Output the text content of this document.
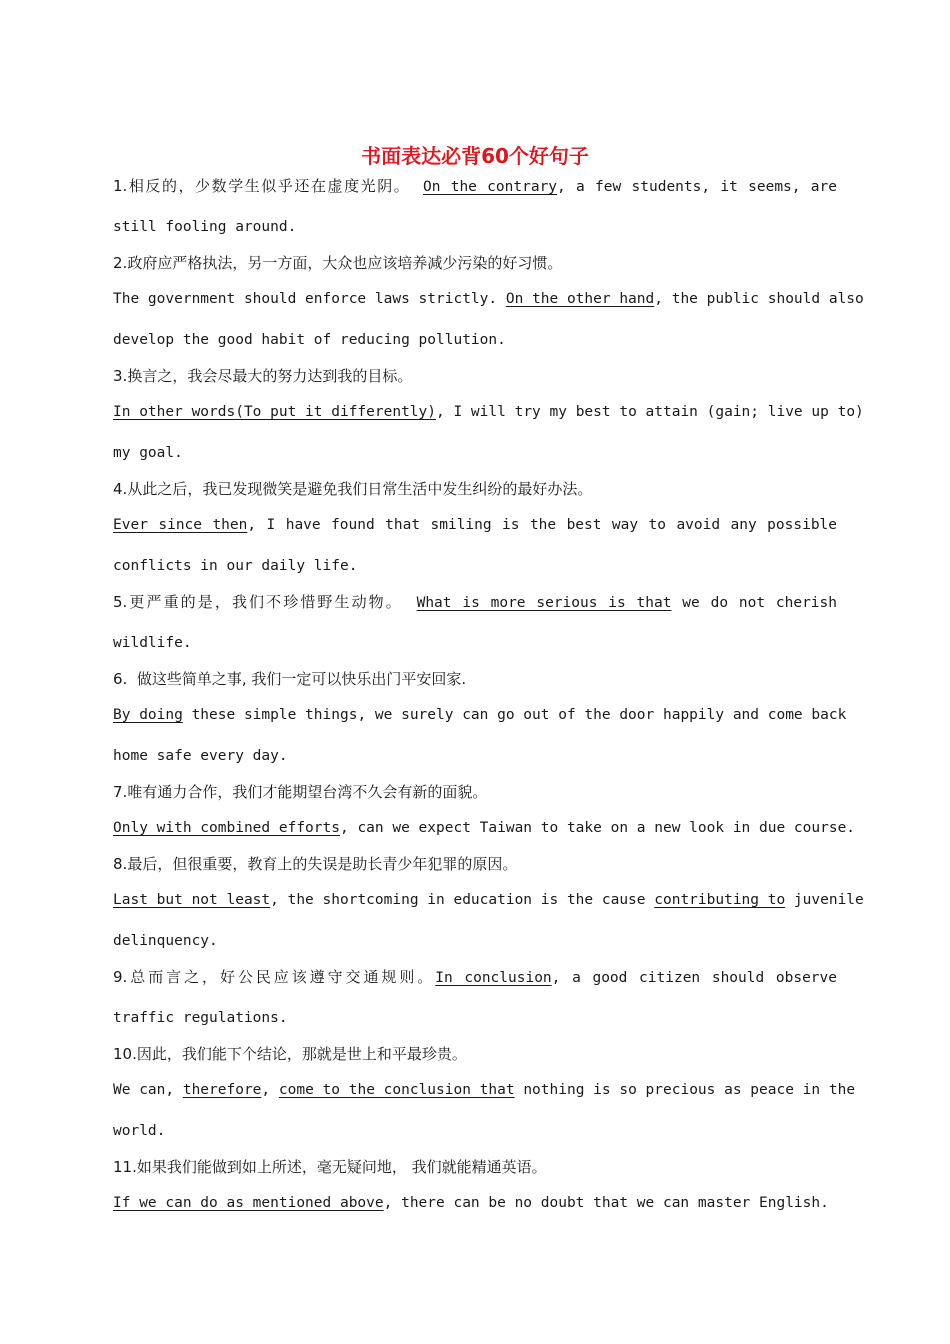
书面表达必背60个好句子
1.相反的，少数学生似乎还在虚度光阴。 On the contrary, a few students, it seems, are
still fooling around.
2.政府应严格执法，另一方面，大众也应该培养减少污染的好习惯。
The government should enforce laws strictly. On the other hand, the public should also
develop the good habit of reducing pollution.
3.换言之，我会尽最大的努力达到我的目标。
In other words(To put it differently), I will try my best to attain (gain; live up to)
my goal.
4.从此之后，我已发现微笑是避免我们日常生活中发生纠纷的最好办法。
Ever since then, I have found that smiling is the best way to avoid any possible
conflicts in our daily life.
5.更严重的是，我们不珍惜野生动物。 What is more serious is that we do not cherish
wildlife.
6.  做这些简单之事, 我们一定可以快乐出门平安回家.
By doing these simple things, we surely can go out of the door happily and come back
home safe every day.
7.唯有通力合作，我们才能期望台湾不久会有新的面貌。
Only with combined efforts, can we expect Taiwan to take on a new look in due course.
8.最后，但很重要，教育上的失误是助长青少年犯罪的原因。
Last but not least, the shortcoming in education is the cause contributing to juvenile
delinquency.
9.总而言之，好公民应该遵守交通规则。In conclusion, a good citizen should observe
traffic regulations.
10.因此，我们能下个结论，那就是世上和平最珍贵。
We can, therefore, come to the conclusion that nothing is so precious as peace in the
world.
11.如果我们能做到如上所述，毫无疑问地， 我们就能精通英语。
If we can do as mentioned above, there can be no doubt that we can master English.
